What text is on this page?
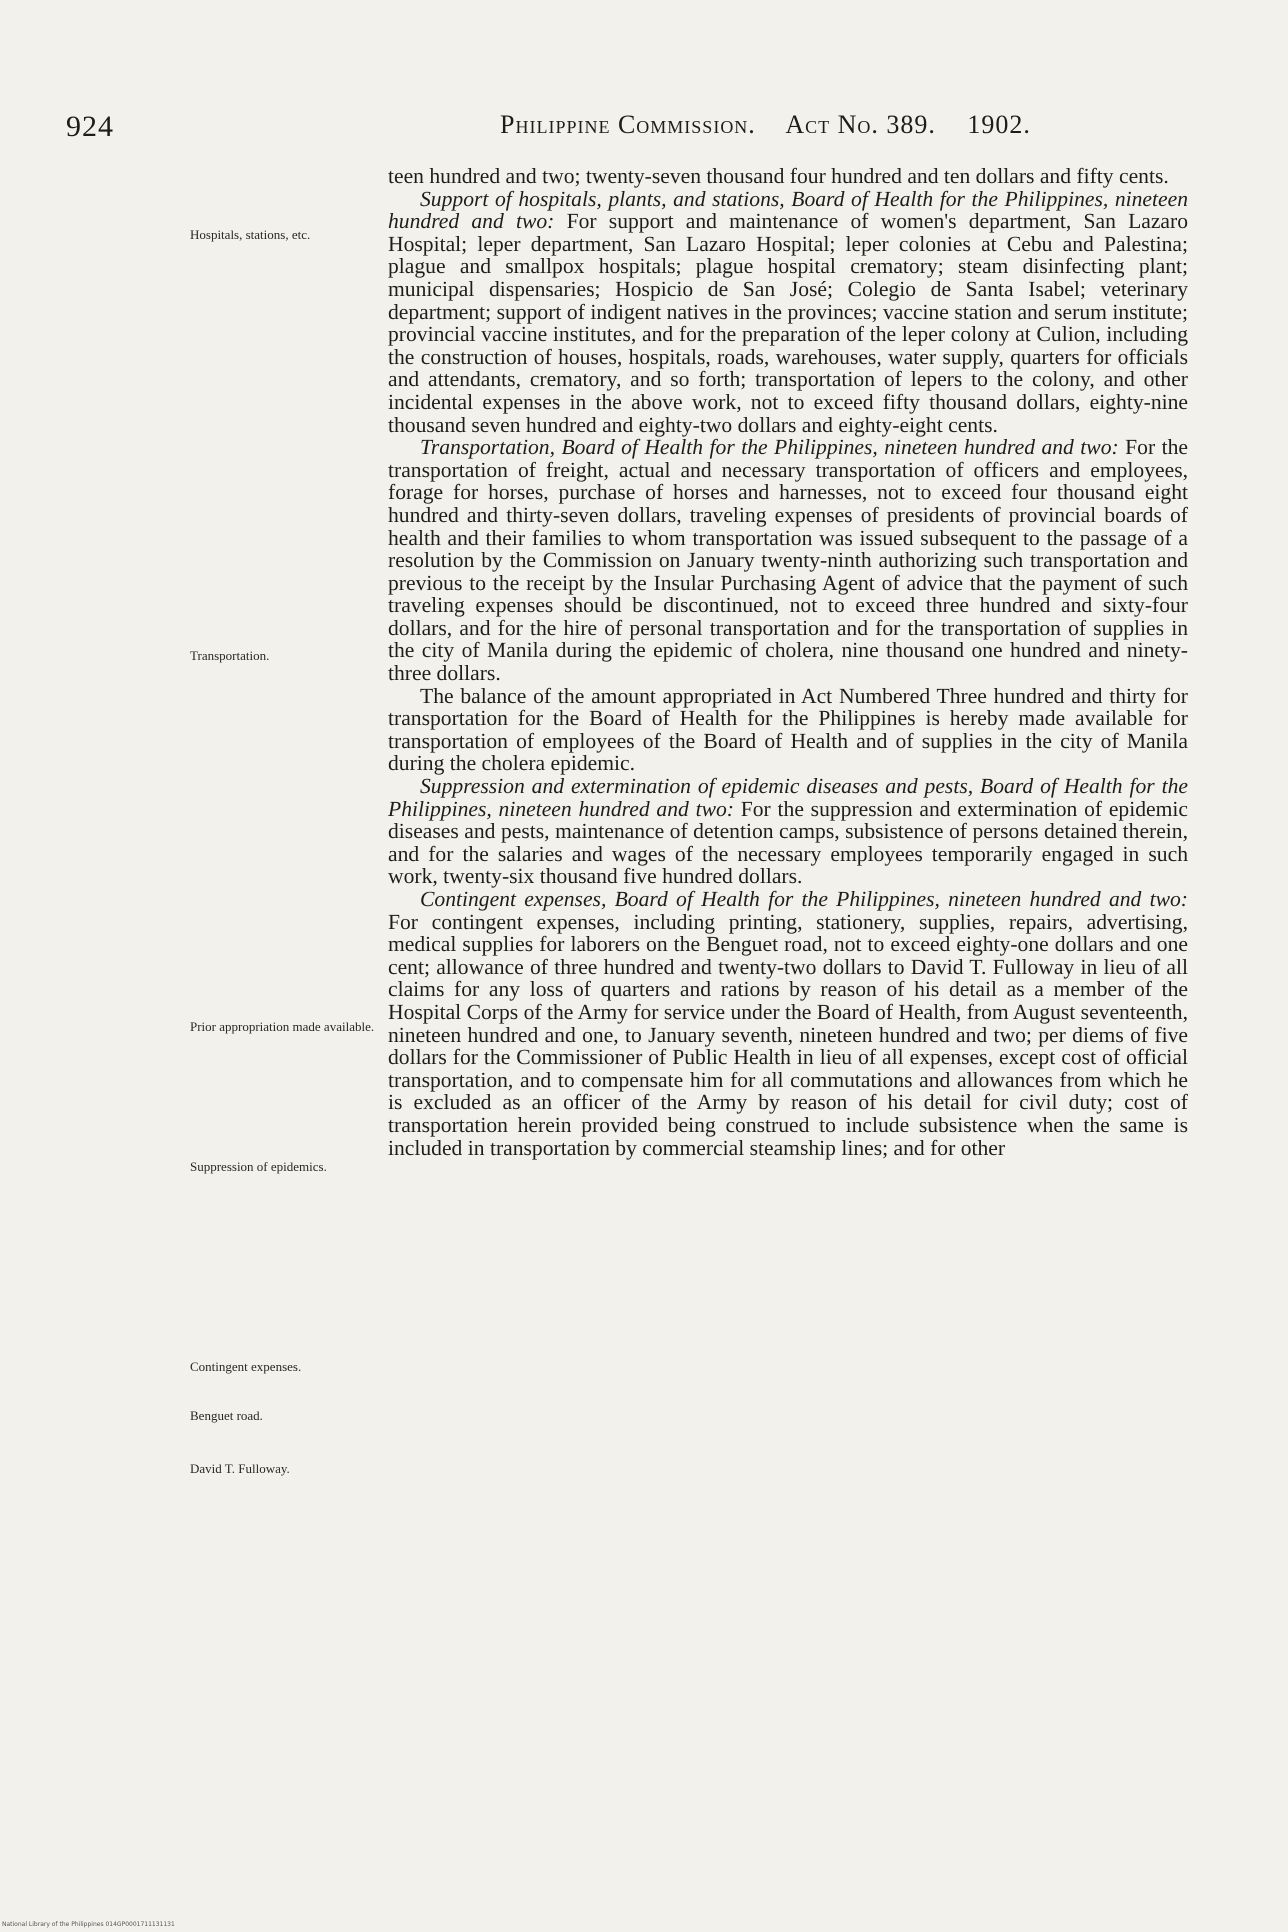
924	Philippine Commission. Act No. 389. 1902.
Hospitals, stations, etc.
Transportation.
Prior appropriation made available.
Suppression of epidemics.
Contingent expenses.
Benguet road.
David T. Fulloway.

teen hundred and two; twenty-seven thousand four hundred and ten dollars and fifty cents.

Support of hospitals, plants, and stations, Board of Health for the Philippines, nineteen hundred and two: For support and maintenance of women's department, San Lazaro Hospital; leper department, San Lazaro Hospital; leper colonies at Cebu and Palestina; plague and smallpox hospitals; plague hospital crematory; steam disinfecting plant; municipal dispensaries; Hospicio de San José; Colegio de Santa Isabel; veterinary department; support of indigent natives in the provinces; vaccine station and serum institute; provincial vaccine institutes, and for the preparation of the leper colony at Culion, including the construction of houses, hospitals, roads, warehouses, water supply, quarters for officials and attendants, crematory, and so forth; transportation of lepers to the colony, and other incidental expenses in the above work, not to exceed fifty thousand dollars, eighty-nine thousand seven hundred and eighty-two dollars and eighty-eight cents.

Transportation, Board of Health for the Philippines, nineteen hundred and two: For the transportation of freight, actual and necessary transportation of officers and employees, forage for horses, purchase of horses and harnesses, not to exceed four thousand eight hundred and thirty-seven dollars, traveling expenses of presidents of provincial boards of health and their families to whom transportation was issued subsequent to the passage of a resolution by the Commission on January twenty-ninth authorizing such transportation and previous to the receipt by the Insular Purchasing Agent of advice that the payment of such traveling expenses should be discontinued, not to exceed three hundred and sixty-four dollars, and for the hire of personal transportation and for the transportation of supplies in the city of Manila during the epidemic of cholera, nine thousand one hundred and ninety-three dollars.

The balance of the amount appropriated in Act Numbered Three hundred and thirty for transportation for the Board of Health for the Philippines is hereby made available for transportation of employees of the Board of Health and of supplies in the city of Manila during the cholera epidemic.

Suppression and extermination of epidemic diseases and pests, Board of Health for the Philippines, nineteen hundred and two: For the suppression and extermination of epidemic diseases and pests, maintenance of detention camps, subsistence of persons detained therein, and for the salaries and wages of the necessary employees temporarily engaged in such work, twenty-six thousand five hundred dollars.

Contingent expenses, Board of Health for the Philippines, nineteen hundred and two: For contingent expenses, including printing, stationery, supplies, repairs, advertising, medical supplies for laborers on the Benguet road, not to exceed eighty-one dollars and one cent; allowance of three hundred and twenty-two dollars to David T. Fulloway in lieu of all claims for any loss of quarters and rations by reason of his detail as a member of the Hospital Corps of the Army for service under the Board of Health, from August seventeenth, nineteen hundred and one, to January seventh, nineteen hundred and two; per diems of five dollars for the Commissioner of Public Health in lieu of all expenses, except cost of official transportation, and to compensate him for all commutations and allowances from which he is excluded as an officer of the Army by reason of his detail for civil duty; cost of transportation herein provided being construed to include subsistence when the same is included in transportation by commercial steamship lines; and for other

National Library of the Philippines 014GP0001711131131
